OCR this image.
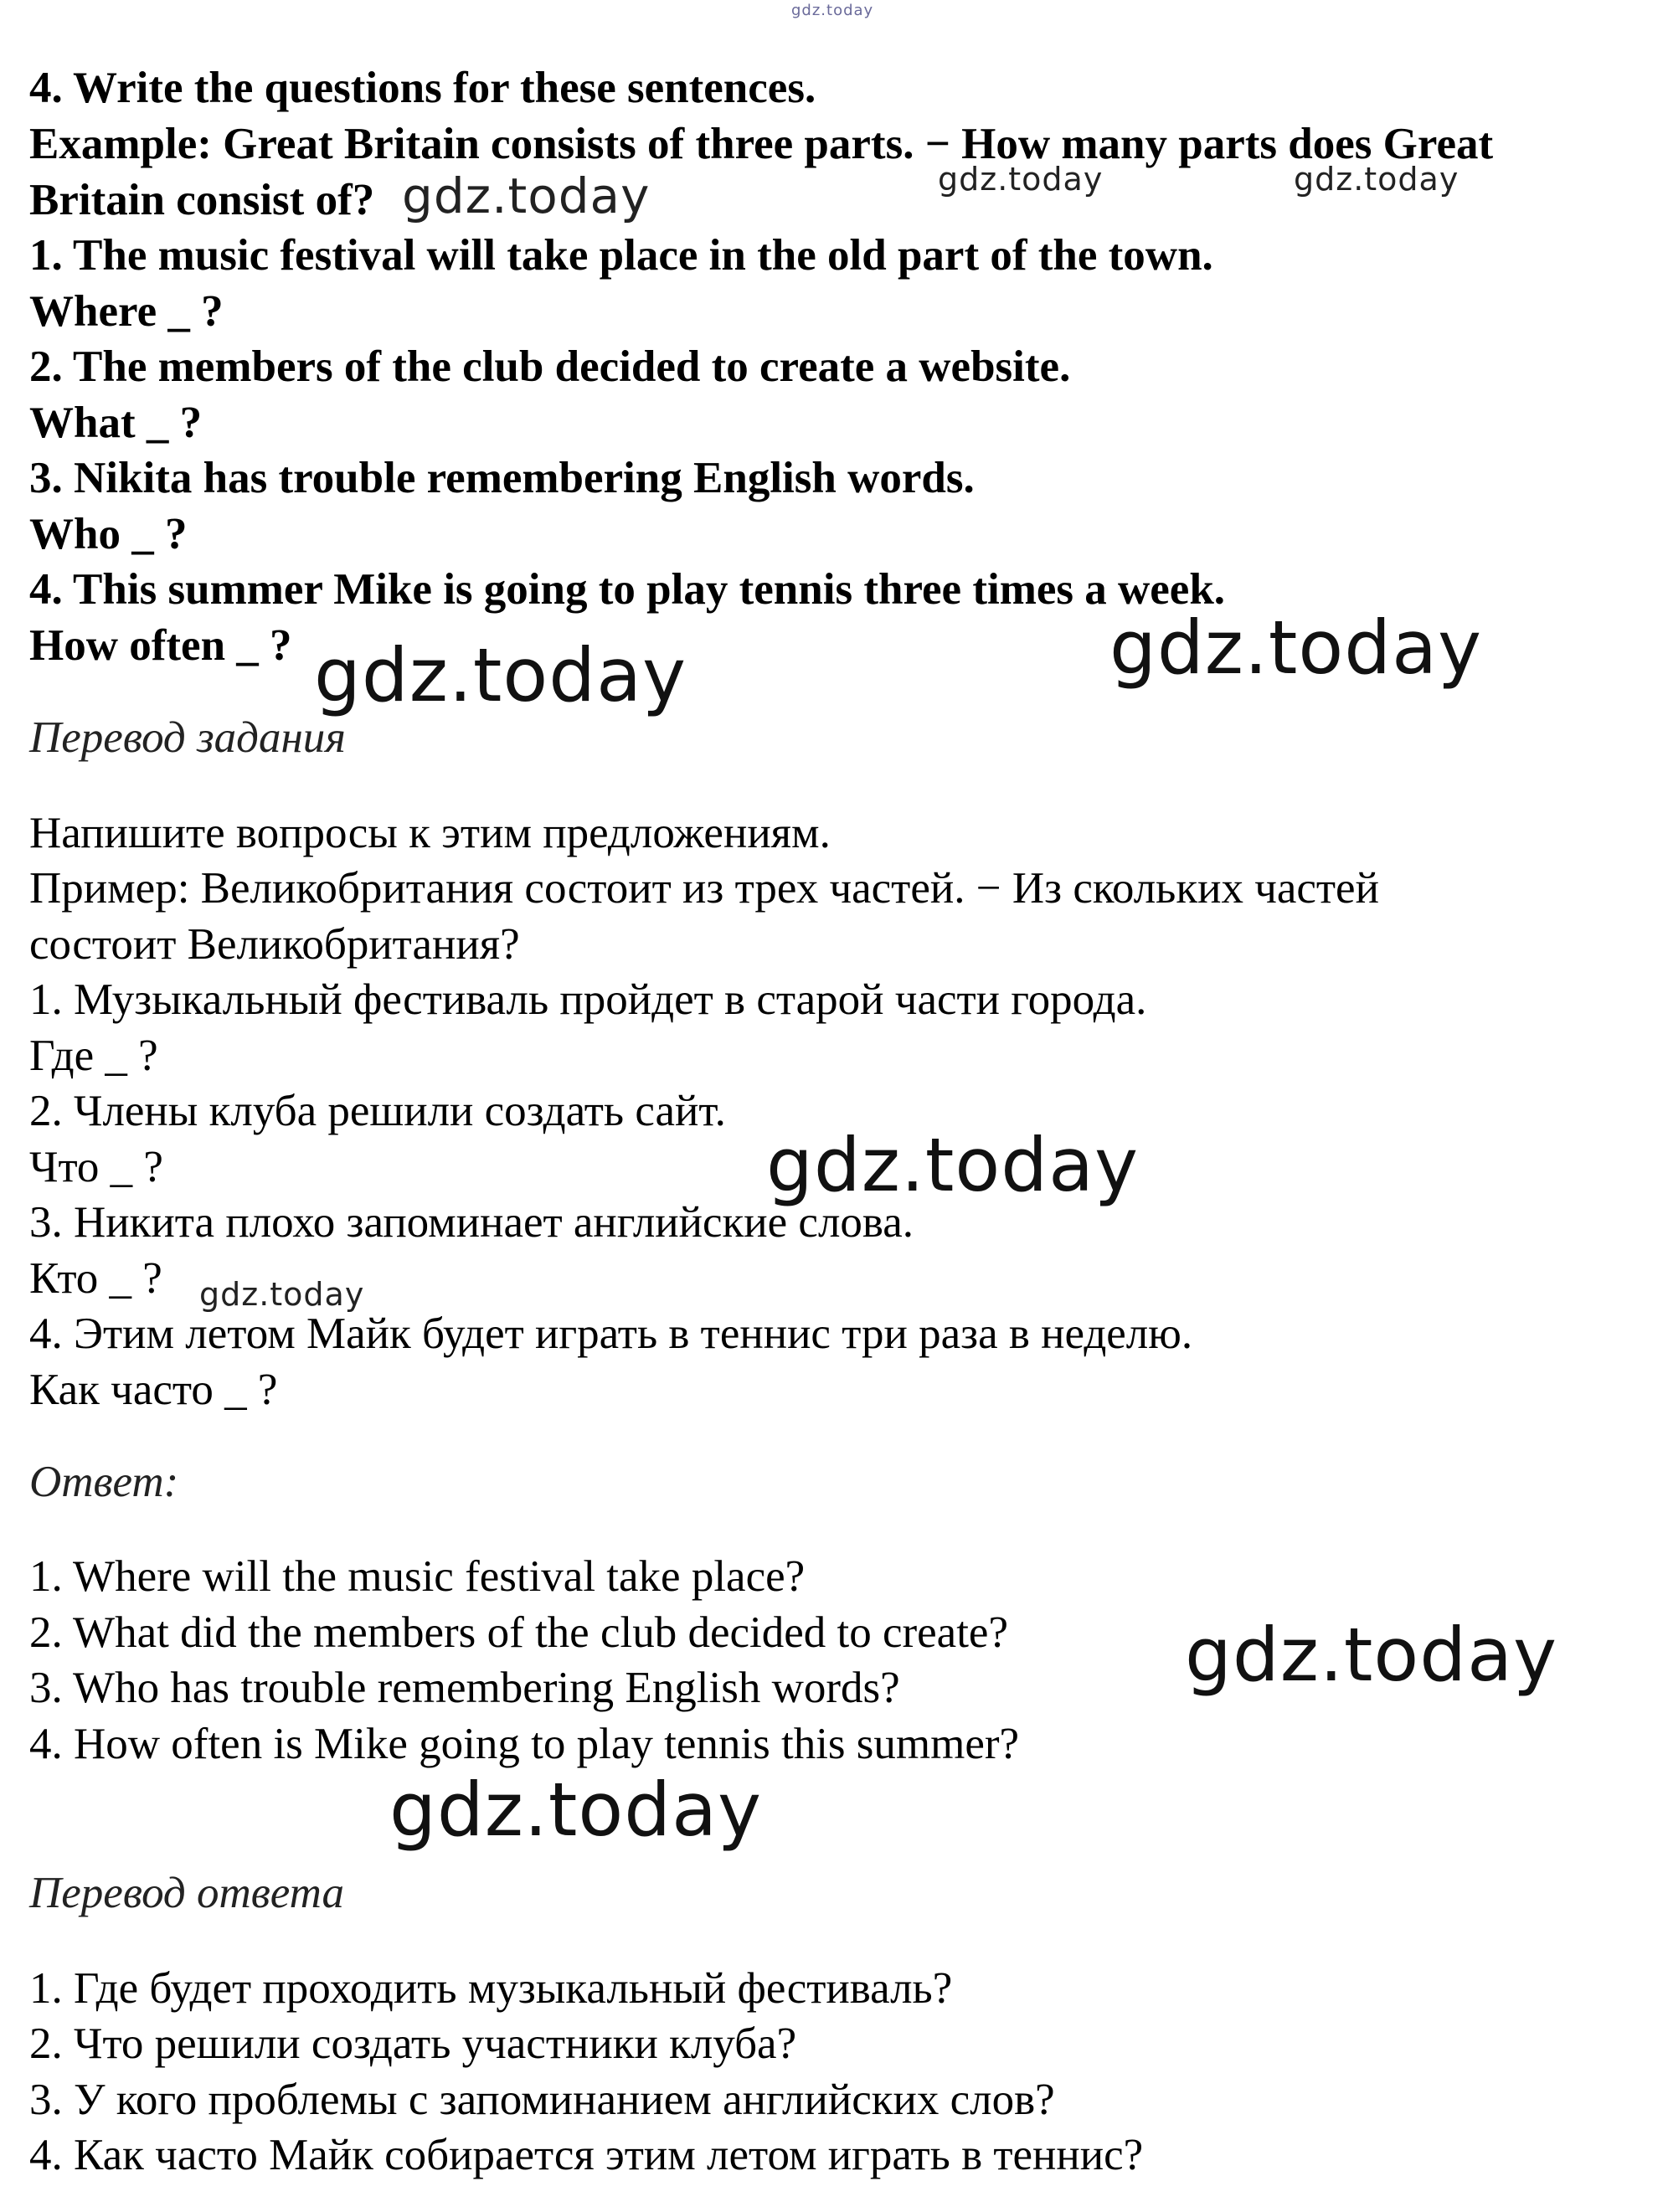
gdz.today
4. Write the questions for these sentences.
Example: Great Britain consists of three parts. − How many parts does Great
Britain consist of?
1. The music festival will take place in the old part of the town.
Where _ ?
2. The members of the club decided to create a website.
What _ ?
3. Nikita has trouble remembering English words.
Who _ ?
4. This summer Mike is going to play tennis three times a week.
How often _ ?
Перевод задания
Напишите вопросы к этим предложениям.
Пример: Великобритания состоит из трех частей. − Из скольких частей
состоит Великобритания?
1. Музыкальный фестиваль пройдет в старой части города.
Где _ ?
2. Члены клуба решили создать сайт.
Что _ ?
3. Никита плохо запоминает английские слова.
Кто _ ?
4. Этим летом Майк будет играть в теннис три раза в неделю.
Как часто _ ?
Ответ:
1. Where will the music festival take place?
2. What did the members of the club decided to create?
3. Who has trouble remembering English words?
4. How often is Mike going to play tennis this summer?
Перевод ответа
1. Где будет проходить музыкальный фестиваль?
2. Что решили создать участники клуба?
3. У кого проблемы с запоминанием английских слов?
4. Как часто Майк собирается этим летом играть в теннис?
gdz.today	gdz.today
gdz.today
gdz.today	gdz.today
gdz.today
gdz.today
gdz.today
gdz.today
